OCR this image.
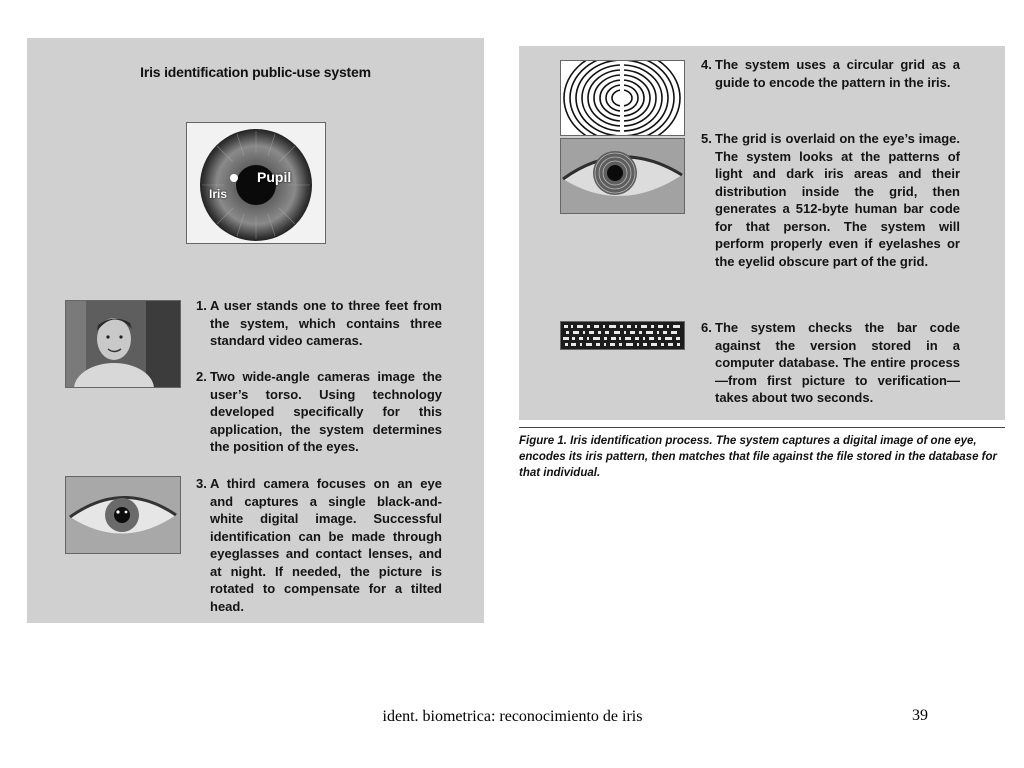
Iris identification public-use system
Pupil
Iris
1. A user stands one to three feet from the system, which contains three standard video cameras.
2. Two wide-angle cameras image the user’s torso. Using technology developed specifically for this application, the system determines the position of the eyes.
3. A third camera focuses on an eye and captures a single black-and-white digital image. Successful identification can be made through eyeglasses and contact lenses, and at night. If needed, the picture is rotated to compensate for a tilted head.
4. The system uses a circular grid as a guide to encode the pattern in the iris.
5. The grid is overlaid on the eye’s image. The system looks at the patterns of light and dark iris areas and their distribution inside the grid, then generates a 512-byte human bar code for that person. The system will perform properly even if eyelashes or the eyelid obscure part of the grid.
6. The system checks the bar code against the version stored in a computer database. The entire process—from first picture to verification—takes about two seconds.
Figure 1. Iris identification process. The system captures a digital image of one eye, encodes its iris pattern, then matches that file against the file stored in the database for that individual.
ident. biometrica: reconocimiento de iris	39
